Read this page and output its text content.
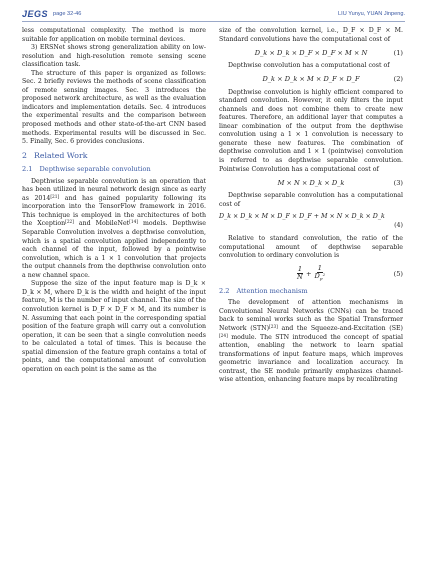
JEGS page 32-46	LIU Yunyu, YUAN Jinpeng.

less computational complexity. The method is more suitable for application on mobile terminal devices.

3) ERSNet shows strong generalization ability on low-resolution and high-resolution remote sensing scene classification task.

The structure of this paper is organized as follows: Sec. 2 briefly reviews the methods of scene classification of remote sensing images. Sec. 3 introduces the proposed network architecture, as well as the evaluation indicators and implementation details. Sec. 4 introduces the experimental results and the comparison between proposed methods and other state-of-the-art CNN based methods. Experimental results will be discussed in Sec. 5. Finally, Sec. 6 provides conclusions.

2 Related Work
2.1 Depthwise separable convolution

Depthwise separable convolution is an operation that has been utilized in neural network design since as early as 2014[21] and has gained popularity following its incorporation into the TensorFlow framework in 2016. This technique is employed in the architectures of both the Xception[22] and MobileNet[14] models. Depthwise Separable Convolution involves a depthwise convolution, which is a spatial convolution applied independently to each channel of the input, followed by a pointwise convolution, which is a 1 × 1 convolution that projects the output channels from the depthwise convolution onto a new channel space.

Suppose the size of the input feature map is D_k × D_k × M, where D_k is the width and height of the input feature, M is the number of input channel. The size of the convolution kernel is D_F × D_F × M, and its number is N. Assuming that each point in the corresponding spatial position of the feature graph will carry out a convolution operation, it can be seen that a single convolution needs to be calculated a total of times. This is because the spatial dimension of the feature graph contains a total of points, and the computational amount of convolution operation on each point is the same as the

size of the convolution kernel, i.e., D_F × D_F × M. Standard convolutions have the computational cost of

D_k × D_k × D_F × D_F × M × N	(1)

Depthwise convolution has a computational cost of

D_k × D_k × M × D_F × D_F	(2)

Depthwise convolution is highly efficient compared to standard convolution. However, it only filters the input channels and does not combine them to create new features. Therefore, an additional layer that computes a linear combination of the output from the depthwise convolution using a 1 × 1 convolution is necessary to generate these new features. The combination of depthwise convolution and 1 × 1 (pointwise) convolution is referred to as depthwise separable convolution. Pointwise Convolution has a computational cost of

M × N × D_k × D_k	(3)

Depthwise separable convolution has a computational cost of

D_k × D_k × M × D_F × D_F + M × N × D_k × D_k
(4)

Relative to standard convolution, the ratio of the computational amount of depthwise separable convolution to ordinary convolution is

1
$N + \frac{1}{D_F^2}$	(5)
2.2 Attention mechanism

The development of attention mechanisms in Convolutional Neural Networks (CNNs) can be traced back to seminal works such as the Spatial Transformer Network (STN)[23] and the Squeeze-and-Excitation (SE)[24] module. The STN introduced the concept of spatial attention, enabling the network to learn spatial transformations of input feature maps, which improves geometric invariance and localization accuracy. In contrast, the SE module primarily emphasizes channel-wise attention, enhancing feature maps by recalibrating
